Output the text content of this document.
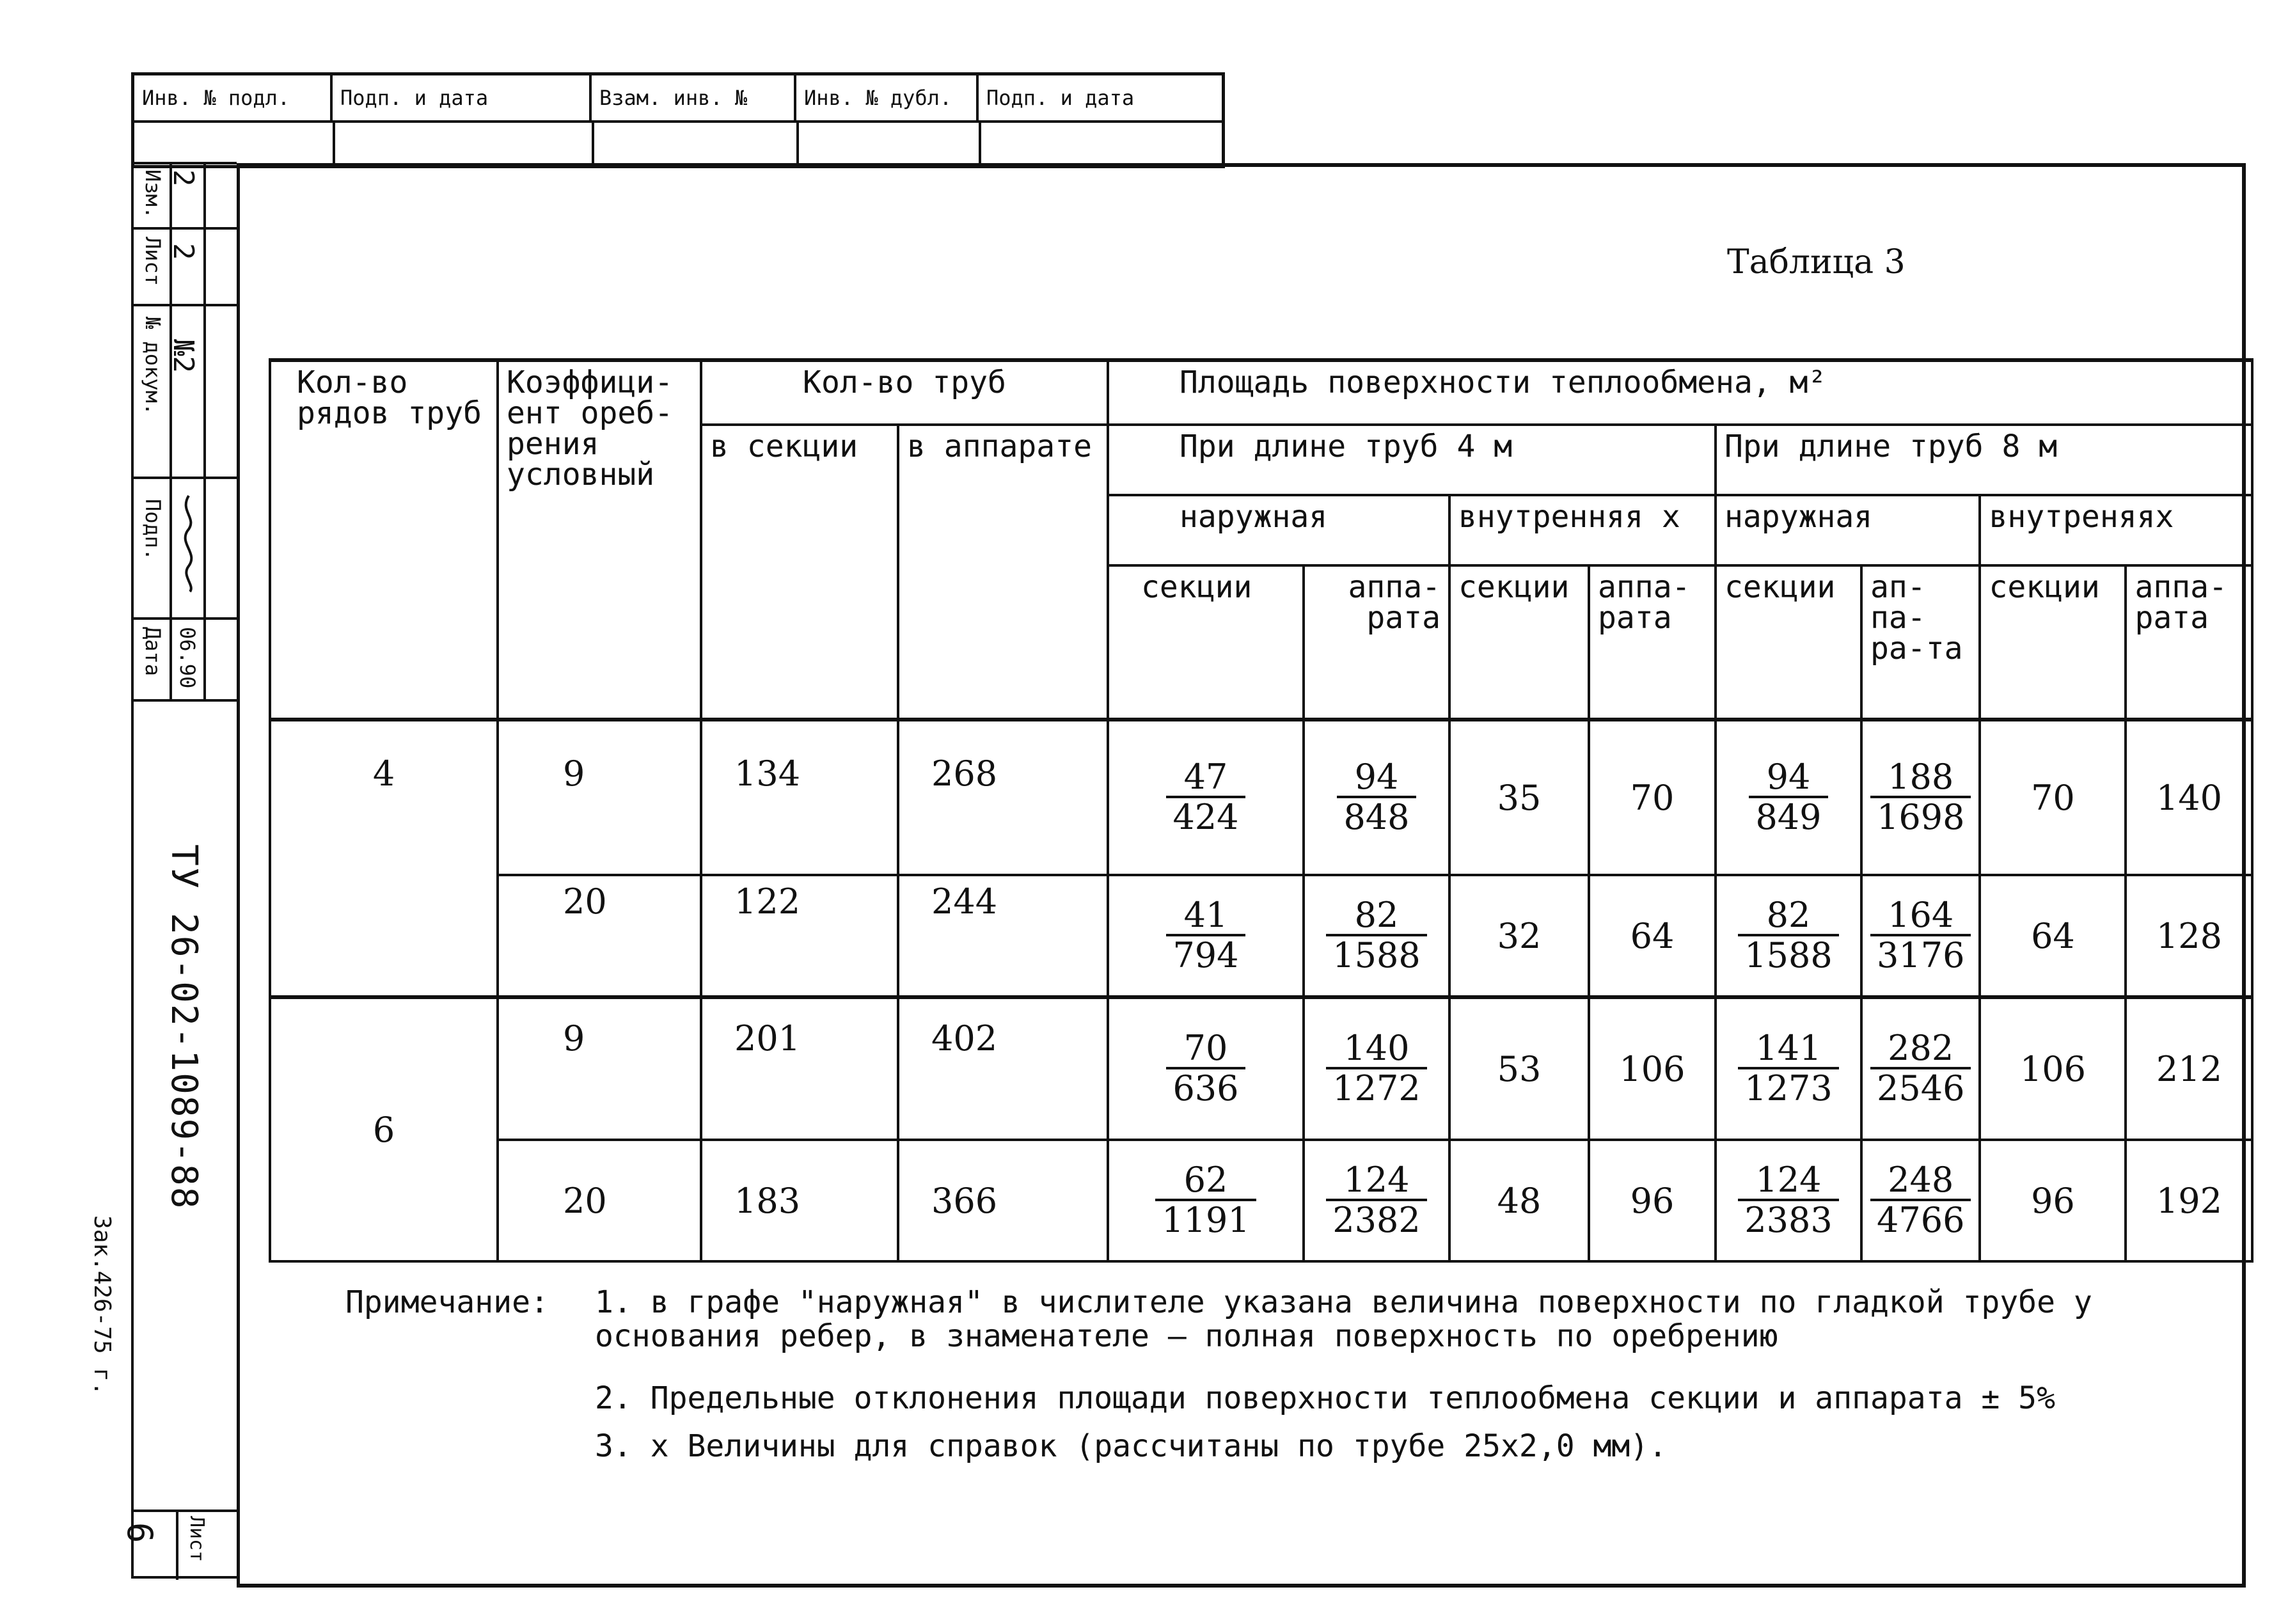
Инв. № подл.	Подп. и дата	Взам. инв. №	Инв. № дубл.	Подп. и дата
Изм.
Лист
№ докум.
Подп.
Дата
2
2
№2
06.90
ТУ 26-02-1089-88
Зак.426-75 г.
6 Лист
Таблица 3
Кол-во рядов труб	Коэффици-ент ореб-рения условный	Кол-во труб		Площадь поверхности теплообмена, м²							
		в секции	в аппарате	При длине труб 4 м				При длине труб 8 м			
				наружная		внутренняя x		наружная		внутреняяx	
				секции	аппа-рата	секции	аппа-рата	секции	ап-па-ра-та	секции	аппа-рата
4	9	134	268	$\frac{47}{424}$	$\frac{94}{848}$	35	70	$\frac{94}{849}$	$\frac{188}{1698}$	70	140
	20	122	244	$\frac{41}{794}$	$\frac{82}{1588}$	32	64	$\frac{82}{1588}$	$\frac{164}{3176}$	64	128
6	9	201	402	$\frac{70}{636}$	$\frac{140}{1272}$	53	106	$\frac{141}{1273}$	$\frac{282}{2546}$	106	212
	20	183	366	$\frac{62}{1191}$	$\frac{124}{2382}$	48	96	$\frac{124}{2383}$	$\frac{248}{4766}$	96	192
Примечание: 1. в графе "наружная" в числителе указана величина поверхности по гладкой трубе у основания ребер, в знаменателе – полная поверхность по оребрению
2. Предельные отклонения площади поверхности теплообмена секции и аппарата ± 5%
3. x Величины для справок (рассчитаны по трубе 25x2,0 мм).
